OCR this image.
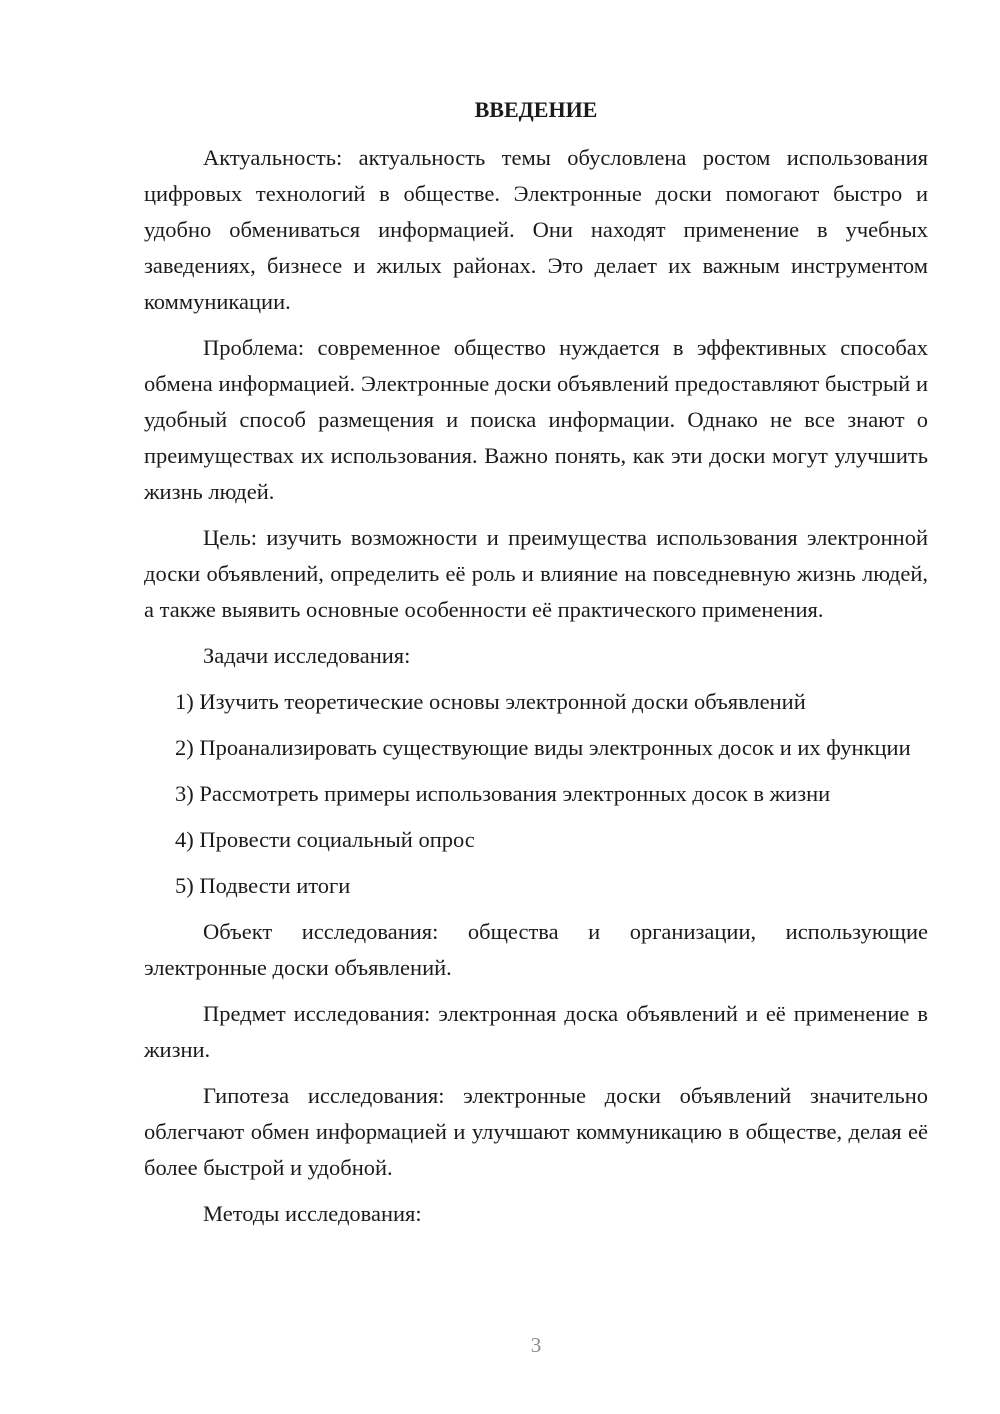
ВВЕДЕНИЕ

Актуальность: актуальность темы обусловлена ростом использования цифровых технологий в обществе. Электронные доски помогают быстро и удобно обмениваться информацией. Они находят применение в учебных заведениях, бизнесе и жилых районах. Это делает их важным инструментом коммуникации.

Проблема: современное общество нуждается в эффективных способах обмена информацией. Электронные доски объявлений предоставляют быстрый и удобный способ размещения и поиска информации. Однако не все знают о преимуществах их использования. Важно понять, как эти доски могут улучшить жизнь людей.

Цель: изучить возможности и преимущества использования электронной доски объявлений, определить её роль и влияние на повседневную жизнь людей, а также выявить основные особенности её практического применения.

Задачи исследования:

1) Изучить теоретические основы электронной доски объявлений

2) Проанализировать существующие виды электронных досок и их функции

3) Рассмотреть примеры использования электронных досок в жизни

4) Провести социальный опрос

5) Подвести итоги

Объект исследования: общества и организации, использующие электронные доски объявлений.

Предмет исследования: электронная доска объявлений и её применение в жизни.

Гипотеза исследования: электронные доски объявлений значительно облегчают обмен информацией и улучшают коммуникацию в обществе, делая её более быстрой и удобной.

Методы исследования:

3
